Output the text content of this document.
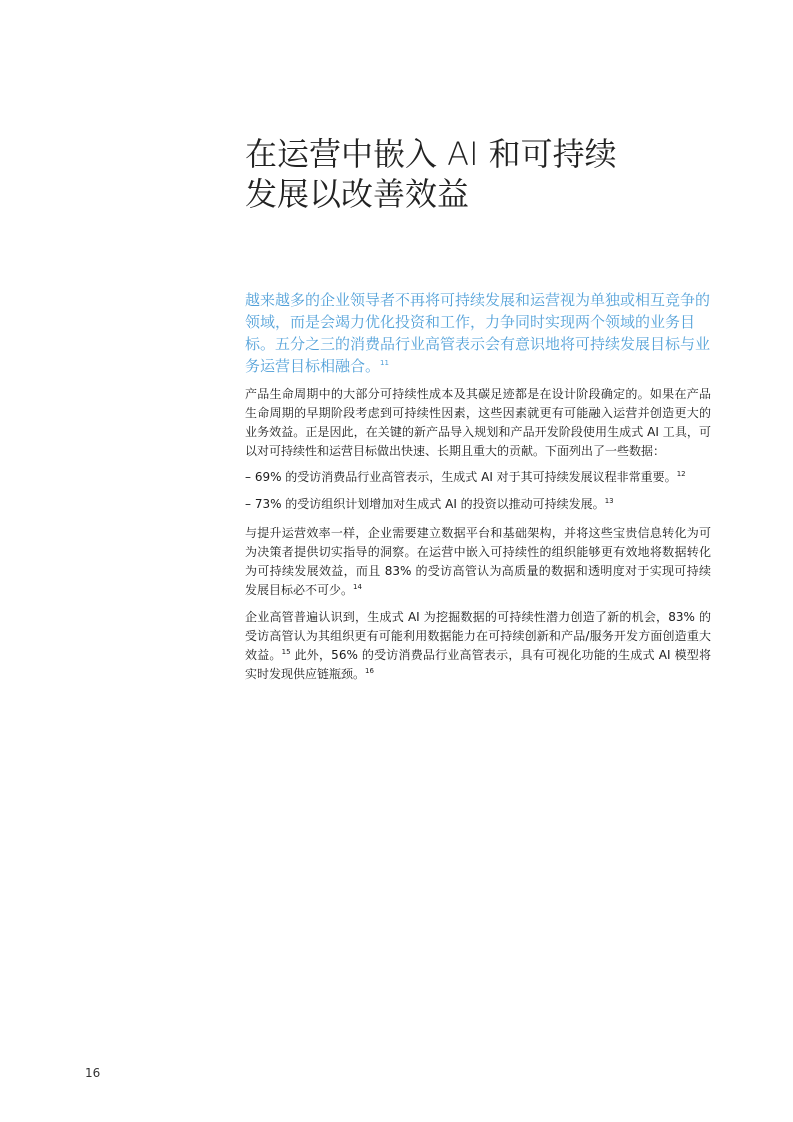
在运营中嵌入 AI 和可持续
发展以改善效益

越来越多的企业领导者不再将可持续发展和运营视为单独或相互竞争的领域，而是会竭力优化投资和工作，力争同时实现两个领域的业务目标。五分之三的消费品行业高管表示会有意识地将可持续发展目标与业务运营目标相融合。$^{11}$

产品生命周期中的大部分可持续性成本及其碳足迹都是在设计阶段确定的。如果在产品生命周期的早期阶段考虑到可持续性因素，这些因素就更有可能融入运营并创造更大的业务效益。正是因此，在关键的新产品导入规划和产品开发阶段使用生成式 AI 工具，可以对可持续性和运营目标做出快速、长期且重大的贡献。下面列出了一些数据：

– 69% 的受访消费品行业高管表示，生成式 AI 对于其可持续发展议程非常重要。$^{12}$
– 73% 的受访组织计划增加对生成式 AI 的投资以推动可持续发展。$^{13}$

与提升运营效率一样，企业需要建立数据平台和基础架构，并将这些宝贵信息转化为可为决策者提供切实指导的洞察。在运营中嵌入可持续性的组织能够更有效地将数据转化为可持续发展效益，而且 83% 的受访高管认为高质量的数据和透明度对于实现可持续发展目标必不可少。$^{14}$

企业高管普遍认识到，生成式 AI 为挖掘数据的可持续性潜力创造了新的机会，83% 的受访高管认为其组织更有可能利用数据能力在可持续创新和产品/服务开发方面创造重大效益。$^{15}$ 此外，56% 的受访消费品行业高管表示，具有可视化功能的生成式 AI 模型将实时发现供应链瓶颈。$^{16}$

16
